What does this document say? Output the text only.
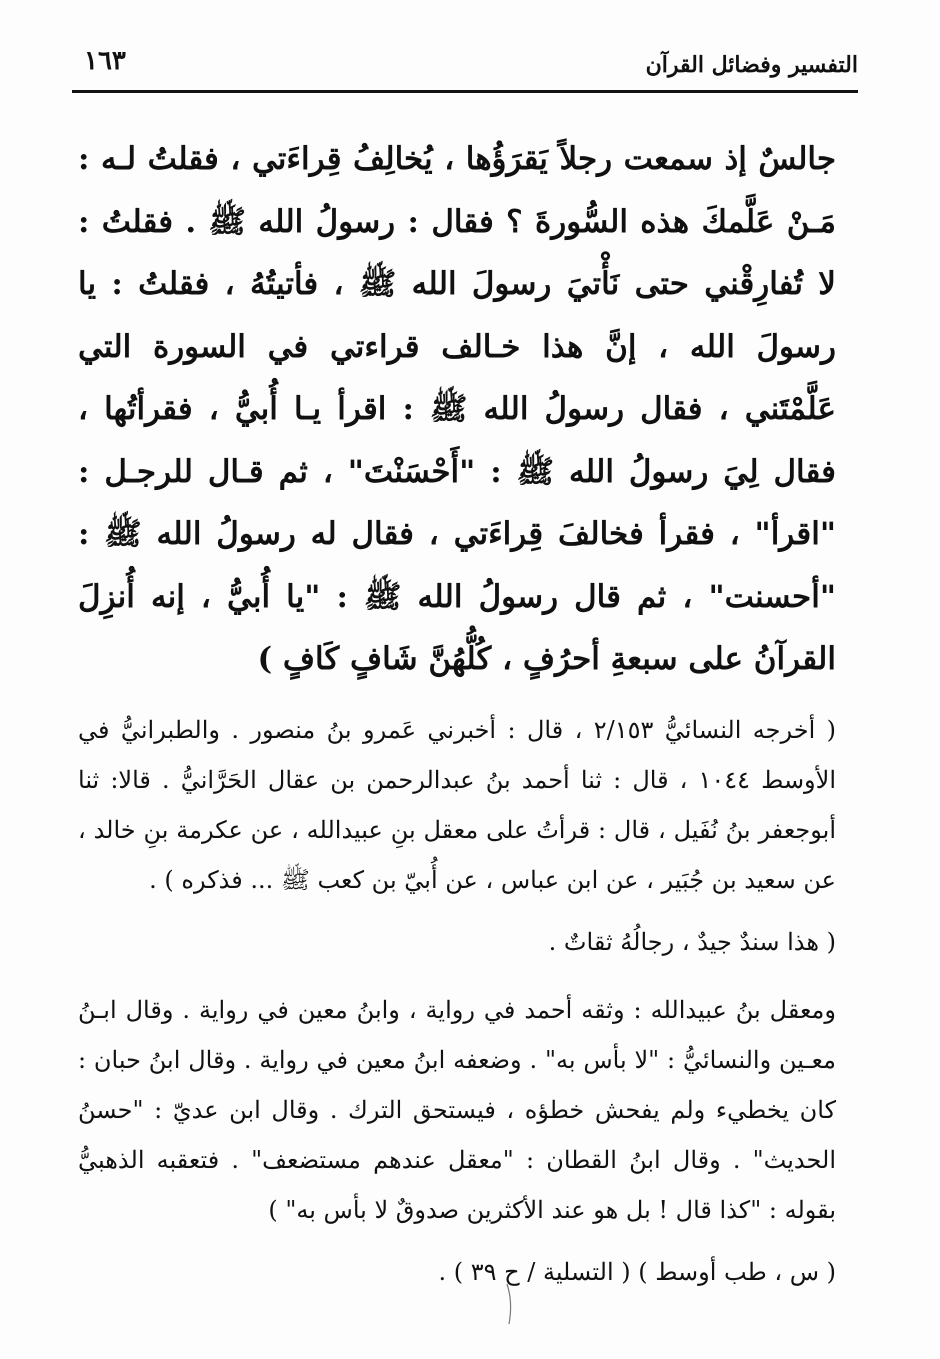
١٦٣	التفسير وفضائل القرآن

جالسٌ إذ سمعت رجلاً يَقرَؤُها ، يُخالِفُ قِراءَتي ، فقلتُ لـه : مَـنْ عَلَّمكَ هذه السُّورةَ ؟ فقال : رسولُ الله ﷺ . فقلتُ : لا تُفارِقْني حتى نَأْتيَ رسولَ الله ﷺ ، فأتيتُهُ ، فقلتُ : يا رسولَ الله ، إنَّ هذا خـالف قراءتي في السورة التي عَلَّمْتَني ، فقال رسولُ الله ﷺ : اقرأ يـا أُبيُّ ، فقرأتُها ، فقال لِيَ رسولُ الله ﷺ : "أَحْسَنْتَ" ، ثم قـال للرجـل : "اقرأ" ، فقرأ فخالفَ قِراءَتي ، فقال له رسولُ الله ﷺ : "أحسنت" ، ثم قال رسولُ الله ﷺ : "يا أُبيُّ ، إنه أُنزِلَ القرآنُ على سبعةِ أحرُفٍ ، كُلُّهُنَّ شَافٍ كَافٍ )

( أخرجه النسائيُّ ٢/١٥٣ ، قال : أخبرني عَمرو بنُ منصور . والطبرانيُّ في الأوسط ١٠٤٤ ، قال : ثنا أحمد بنُ عبدالرحمن بن عقال الحَرَّانيُّ . قالا: ثنا أبوجعفر بنُ نُفَيل ، قال : قرأتُ على معقل بنِ عبيدالله ، عن عكرمة بنِ خالد ، عن سعيد بن جُبَير ، عن ابن عباس ، عن أُبيّ بن كعب ﷺ ... فذكره ) .

( هذا سندٌ جيدٌ ، رجالُهُ ثقاتٌ .

ومعقل بنُ عبيدالله : وثقه أحمد في رواية ، وابنُ معين في رواية . وقال ابـنُ معـين والنسائيُّ : "لا بأس به" . وضعفه ابنُ معين في رواية . وقال ابنُ حبان : كان يخطيء ولم يفحش خطؤه ، فيستحق الترك . وقال ابن عديّ : "حسنُ الحديث" . وقال ابنُ القطان : "معقل عندهم مستضعف" . فتعقبه الذهبيُّ بقوله : "كذا قال ! بل هو عند الأكثرين صدوقٌ لا بأس به" )

( س ، طب أوسط ) ( التسلية / ح ٣٩ ) .
